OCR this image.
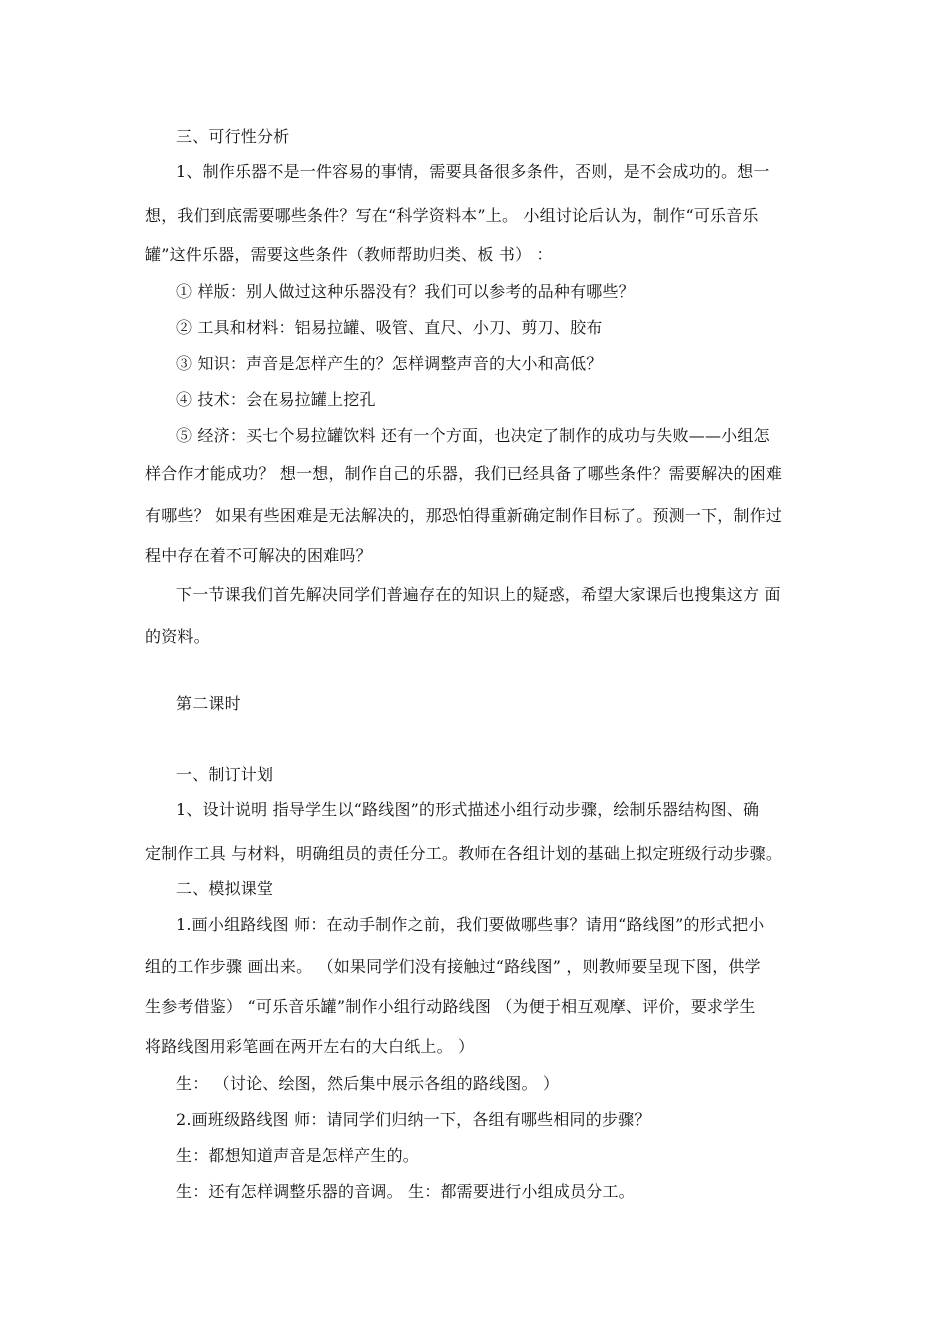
三、可行性分析
1、制作乐器不是一件容易的事情，需要具备很多条件，否则，是不会成功的。想一
想，我们到底需要哪些条件？写在“科学资料本”上。 小组讨论后认为，制作“可乐音乐
罐”这件乐器，需要这些条件（教师帮助归类、板 书） ：
① 样版：别人做过这种乐器没有？我们可以参考的品种有哪些？
② 工具和材料：铝易拉罐、吸管、直尺、小刀、剪刀、胶布
③ 知识：声音是怎样产生的？怎样调整声音的大小和高低？
④ 技术：会在易拉罐上挖孔
⑤ 经济：买七个易拉罐饮料 还有一个方面，也决定了制作的成功与失败——小组怎
样合作才能成功？ 想一想，制作自己的乐器，我们已经具备了哪些条件？需要解决的困难
有哪些？ 如果有些困难是无法解决的，那恐怕得重新确定制作目标了。预测一下，制作过
程中存在着不可解决的困难吗？
下一节课我们首先解决同学们普遍存在的知识上的疑惑，希望大家课后也搜集这方 面
的资料。
第二课时
一、制订计划
1、设计说明 指导学生以“路线图”的形式描述小组行动步骤，绘制乐器结构图、确
定制作工具 与材料，明确组员的责任分工。教师在各组计划的基础上拟定班级行动步骤。
二、模拟课堂
1.画小组路线图 师：在动手制作之前，我们要做哪些事？请用“路线图”的形式把小
组的工作步骤 画出来。 （如果同学们没有接触过“路线图” ，则教师要呈现下图，供学
生参考借鉴） “可乐音乐罐”制作小组行动路线图 （为便于相互观摩、评价，要求学生
将路线图用彩笔画在两开左右的大白纸上。 ）
生： （讨论、绘图，然后集中展示各组的路线图。 ）
2.画班级路线图 师：请同学们归纳一下，各组有哪些相同的步骤？
生：都想知道声音是怎样产生的。
生：还有怎样调整乐器的音调。 生：都需要进行小组成员分工。
